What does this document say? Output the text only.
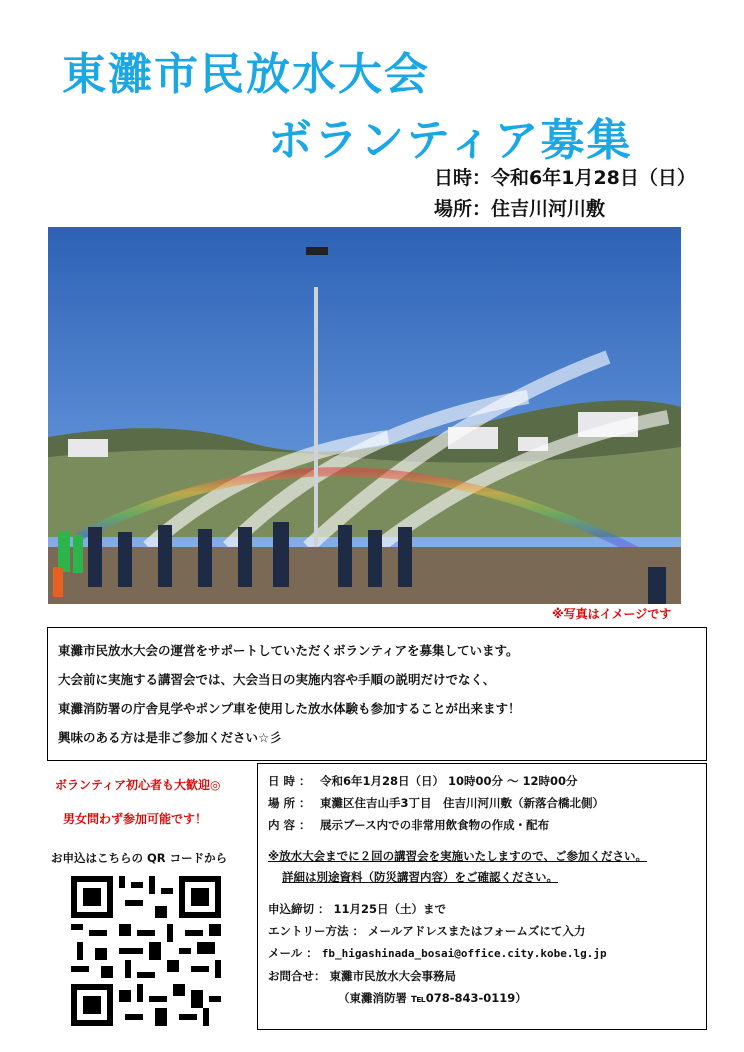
東灘市民放水大会
ボランティア募集
日時：令和6年1月28日（日）
場所：住吉川河川敷
※写真はイメージです
東灘市民放水大会の運営をサポートしていただくボランティアを募集しています。
大会前に実施する講習会では、大会当日の実施内容や手順の説明だけでなく、
東灘消防署の庁舎見学やポンプ車を使用した放水体験も参加することが出来ます！
興味のある方は是非ご参加ください☆彡
ボランティア初心者も大歓迎◎
男女問わず参加可能です！
お申込はこちらの QR コードから
日 時 ： 令和6年1月28日（日） 10時00分 ～ 12時00分
場 所 ： 東灘区住吉山手3丁目　住吉川河川敷（新落合橋北側）
内 容 ： 展示ブース内での非常用飲食物の作成・配布
※放水大会までに２回の講習会を実施いたしますので、ご参加ください。
詳細は別途資料（防災講習内容）をご確認ください。
申込締切 ： 11月25日（土）まで
エントリー方法 ： メールアドレスまたはフォームズにて入力
メール ： fb_higashinada_bosai@office.city.kobe.lg.jp
お問合せ： 東灘市民放水大会事務局
（東灘消防署 ℡078-843-0119）
